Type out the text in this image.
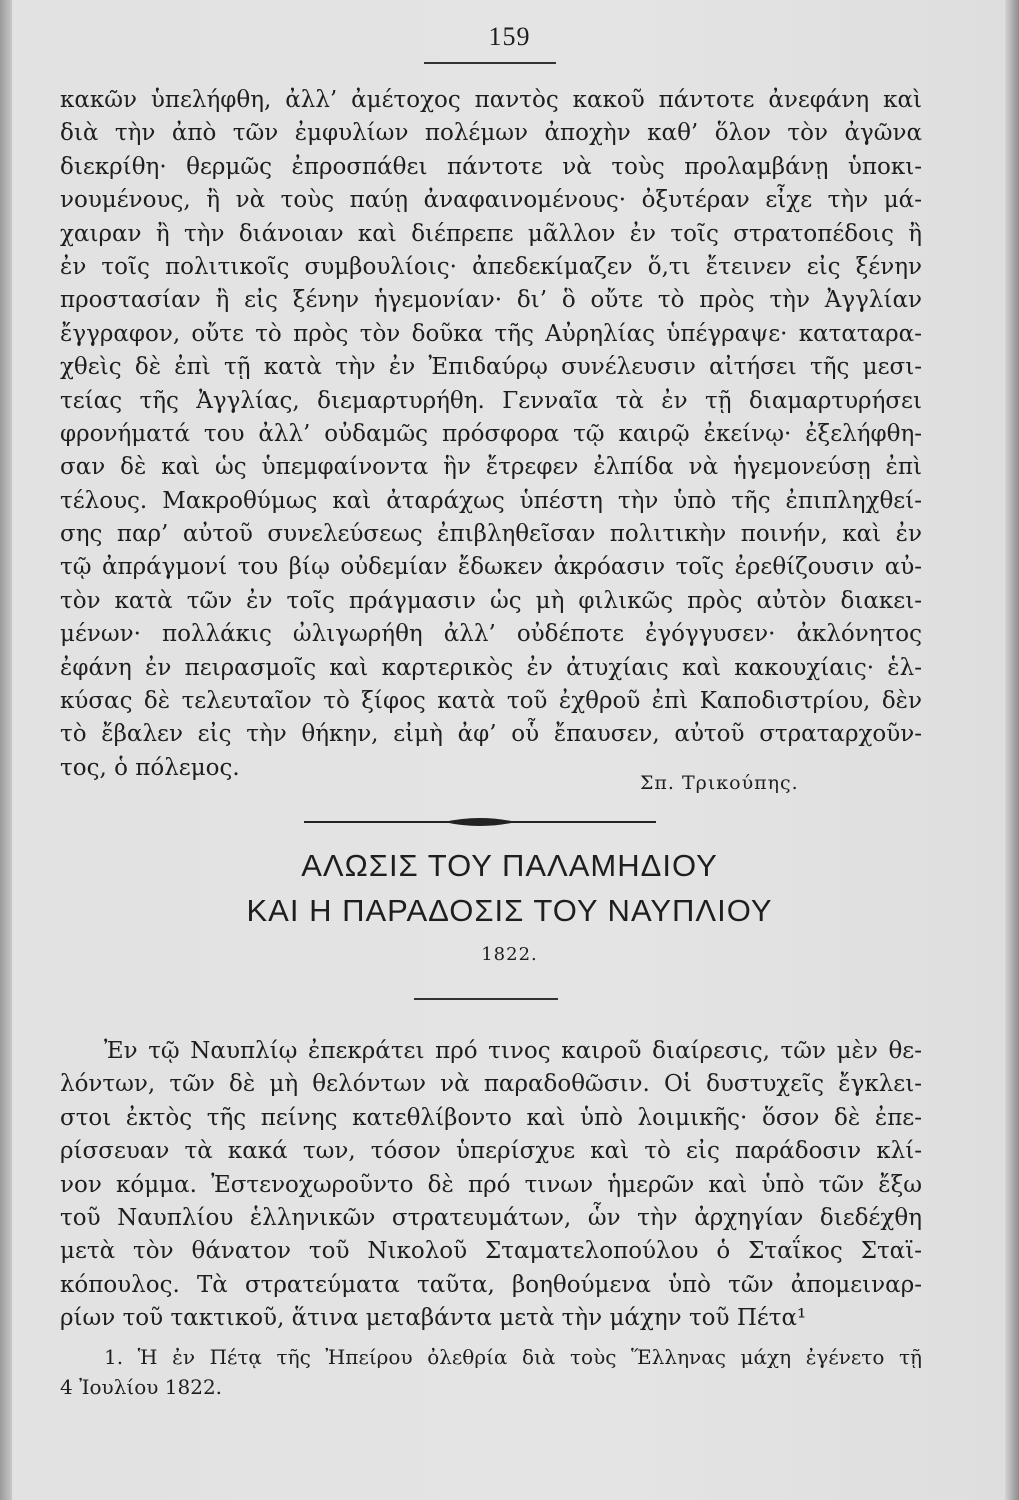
159
κακῶν ὑπελήφθη, ἀλλ’ ἀμέτοχος παντὸς κακοῦ πάντοτε ἀνεφάνη καὶ
διὰ τὴν ἀπὸ τῶν ἐμφυλίων πολέμων ἀποχὴν καθ’ ὅλον τὸν ἀγῶνα
διεκρίθη· θερμῶς ἐπροσπάθει πάντοτε νὰ τοὺς προλαμβάνῃ ὑποκι-
νουμένους, ἢ νὰ τοὺς παύῃ ἀναφαινομένους· ὀξυτέραν εἶχε τὴν μά-
χαιραν ἢ τὴν διάνοιαν καὶ διέπρεπε μᾶλλον ἐν τοῖς στρατοπέδοις ἢ
ἐν τοῖς πολιτικοῖς συμβουλίοις· ἀπεδεκίμαζεν ὅ,τι ἔτεινεν εἰς ξένην
προστασίαν ἢ εἰς ξένην ἡγεμονίαν· δι’ ὃ οὔτε τὸ πρὸς τὴν Ἀγγλίαν
ἔγγραφον, οὔτε τὸ πρὸς τὸν δοῦκα τῆς Αὐρηλίας ὑπέγραψε· καταταρα-
χθεὶς δὲ ἐπὶ τῇ κατὰ τὴν ἐν Ἐπιδαύρῳ συνέλευσιν αἰτήσει τῆς μεσι-
τείας τῆς Ἀγγλίας, διεμαρτυρήθη. Γενναῖα τὰ ἐν τῇ διαμαρτυρήσει
φρονήματά του ἀλλ’ οὐδαμῶς πρόσφορα τῷ καιρῷ ἐκείνῳ· ἐξελήφθη-
σαν δὲ καὶ ὡς ὑπεμφαίνοντα ἣν ἔτρεφεν ἐλπίδα νὰ ἡγεμονεύσῃ ἐπὶ
τέλους. Μακροθύμως καὶ ἀταράχως ὑπέστη τὴν ὑπὸ τῆς ἐπιπληχθεί-
σης παρ’ αὐτοῦ συνελεύσεως ἐπιβληθεῖσαν πολιτικὴν ποινήν, καὶ ἐν
τῷ ἀπράγμονί του βίῳ οὐδεμίαν ἔδωκεν ἀκρόασιν τοῖς ἐρεθίζουσιν αὐ-
τὸν κατὰ τῶν ἐν τοῖς πράγμασιν ὡς μὴ φιλικῶς πρὸς αὐτὸν διακει-
μένων· πολλάκις ὠλιγωρήθη ἀλλ’ οὐδέποτε ἐγόγγυσεν· ἀκλόνητος
ἐφάνη ἐν πειρασμοῖς καὶ καρτερικὸς ἐν ἀτυχίαις καὶ κακουχίαις· ἑλ-
κύσας δὲ τελευταῖον τὸ ξίφος κατὰ τοῦ ἐχθροῦ ἐπὶ Καποδιστρίου, δὲν
τὸ ἔβαλεν εἰς τὴν θήκην, εἰμὴ ἀφ’ οὗ ἔπαυσεν, αὐτοῦ στραταρχοῦν-
τος, ὁ πόλεμος.
Σπ. Τρικούπης.
ΑΛΩΣΙΣ ΤΟΥ ΠΑΛΑΜΗΔΙΟΥ
ΚΑΙ Η ΠΑΡΑΔΟΣΙΣ ΤΟΥ ΝΑΥΠΛΙΟΥ
1822.
Ἐν τῷ Ναυπλίῳ ἐπεκράτει πρό τινος καιροῦ διαίρεσις, τῶν μὲν θε-
λόντων, τῶν δὲ μὴ θελόντων νὰ παραδοθῶσιν. Οἱ δυστυχεῖς ἔγκλει-
στοι ἐκτὸς τῆς πείνης κατεθλίβοντο καὶ ὑπὸ λοιμικῆς· ὅσον δὲ ἐπε-
ρίσσευαν τὰ κακά των, τόσον ὑπερίσχυε καὶ τὸ εἰς παράδοσιν κλί-
νον κόμμα. Ἐστενοχωροῦντο δὲ πρό τινων ἡμερῶν καὶ ὑπὸ τῶν ἔξω
τοῦ Ναυπλίου ἑλληνικῶν στρατευμάτων, ὧν τὴν ἀρχηγίαν διεδέχθη
μετὰ τὸν θάνατον τοῦ Νικολοῦ Σταματελοπούλου ὁ Σταΐκος Σταϊ-
κόπουλος. Τὰ στρατεύματα ταῦτα, βοηθούμενα ὑπὸ τῶν ἀπομειναρ-
ρίων τοῦ τακτικοῦ, ἅτινα μεταβάντα μετὰ τὴν μάχην τοῦ Πέτα¹
1. Ἡ ἐν Πέτᾳ τῆς Ἠπείρου ὀλεθρία διὰ τοὺς Ἕλληνας μάχη ἐγένετο τῇ
4 Ἰουλίου 1822.
